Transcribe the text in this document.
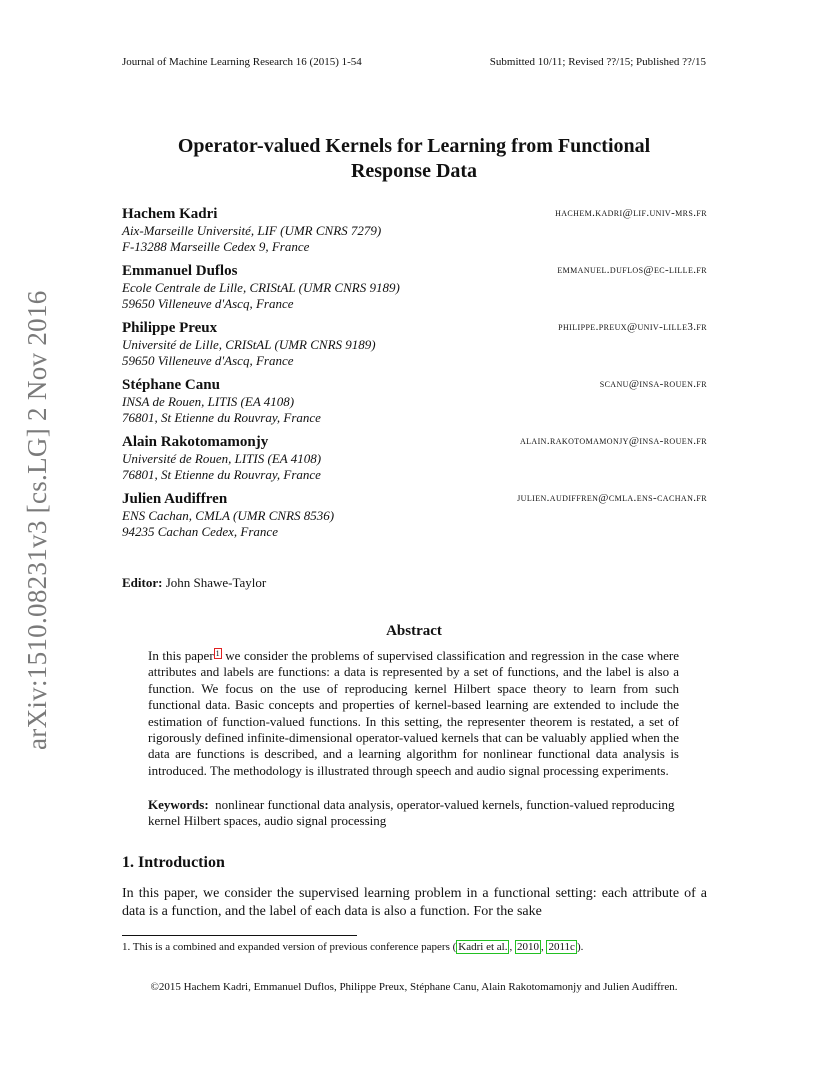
Journal of Machine Learning Research 16 (2015) 1-54	Submitted 10/11; Revised ??/15; Published ??/15
arXiv:1510.08231v3 [cs.LG] 2 Nov 2016
Operator-valued Kernels for Learning from Functional
Response Data
Hachem Kadri	hachem.kadri@lif.univ-mrs.fr
Aix-Marseille Université, LIF (UMR CNRS 7279)
F-13288 Marseille Cedex 9, France
Emmanuel Duflos	emmanuel.duflos@ec-lille.fr
Ecole Centrale de Lille, CRIStAL (UMR CNRS 9189)
59650 Villeneuve d'Ascq, France
Philippe Preux	philippe.preux@univ-lille3.fr
Université de Lille, CRIStAL (UMR CNRS 9189)
59650 Villeneuve d'Ascq, France
Stéphane Canu	scanu@insa-rouen.fr
INSA de Rouen, LITIS (EA 4108)
76801, St Etienne du Rouvray, France
Alain Rakotomamonjy	alain.rakotomamonjy@insa-rouen.fr
Université de Rouen, LITIS (EA 4108)
76801, St Etienne du Rouvray, France
Julien Audiffren	julien.audiffren@cmla.ens-cachan.fr
ENS Cachan, CMLA (UMR CNRS 8536)
94235 Cachan Cedex, France
Editor: John Shawe-Taylor
Abstract
In this paper 1 we consider the problems of supervised classification and regression in the case where attributes and labels are functions: a data is represented by a set of functions, and the label is also a function. We focus on the use of reproducing kernel Hilbert space theory to learn from such functional data. Basic concepts and properties of kernel-based learning are extended to include the estimation of function-valued functions. In this setting, the representer theorem is restated, a set of rigorously defined infinite-dimensional operator-valued kernels that can be valuably applied when the data are functions is described, and a learning algorithm for nonlinear functional data analysis is introduced. The methodology is illustrated through speech and audio signal processing experiments.
Keywords: nonlinear functional data analysis, operator-valued kernels, function-valued reproducing kernel Hilbert spaces, audio signal processing
1. Introduction
In this paper, we consider the supervised learning problem in a functional setting: each attribute of a data is a function, and the label of each data is also a function. For the sake
1. This is a combined and expanded version of previous conference papers ( Kadri et al. , 2010 , 2011c ).
©2015 Hachem Kadri, Emmanuel Duflos, Philippe Preux, Stéphane Canu, Alain Rakotomamonjy and Julien Audiffren.
